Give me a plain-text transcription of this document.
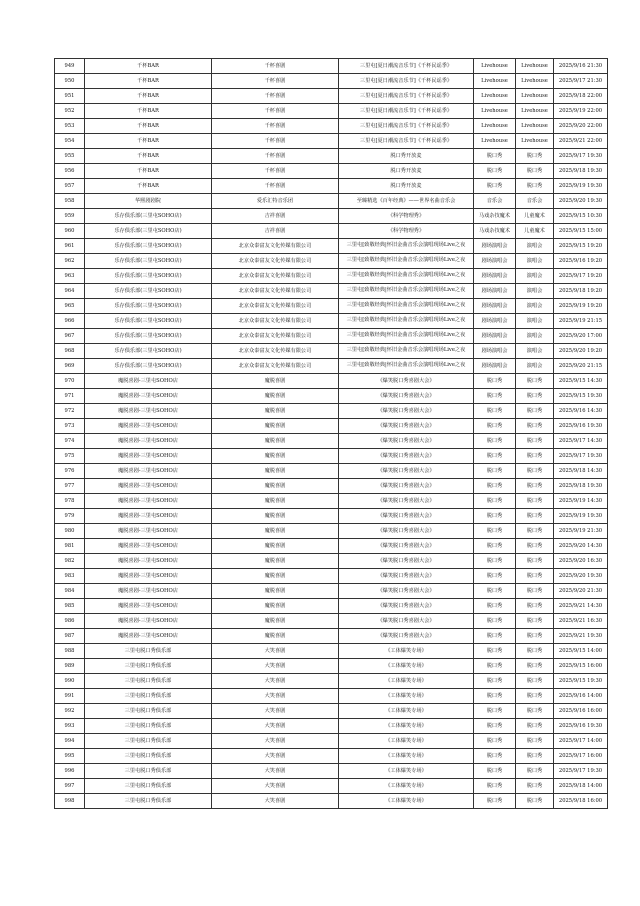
949	千杯BAR	千杯喜剧	三里屯[夏日潮流音乐节]《千杯民谣季》	Livehouse	Livehouse	2025/9/16 21:30
950	千杯BAR	千杯喜剧	三里屯[夏日潮流音乐节]《千杯民谣季》	Livehouse	Livehouse	2025/9/17 21:30
951	千杯BAR	千杯喜剧	三里屯[夏日潮流音乐节]《千杯民谣季》	Livehouse	Livehouse	2025/9/18 22:00
952	千杯BAR	千杯喜剧	三里屯[夏日潮流音乐节]《千杯民谣季》	Livehouse	Livehouse	2025/9/19 22:00
953	千杯BAR	千杯喜剧	三里屯[夏日潮流音乐节]《千杯民谣季》	Livehouse	Livehouse	2025/9/20 22:00
954	千杯BAR	千杯喜剧	三里屯[夏日潮流音乐节]《千杯民谣季》	Livehouse	Livehouse	2025/9/21 22:00
955	千杯BAR	千杯喜剧	脱口秀开放麦	脱口秀	脱口秀	2025/9/17 19:30
956	千杯BAR	千杯喜剧	脱口秀开放麦	脱口秀	脱口秀	2025/9/18 19:30
957	千杯BAR	千杯喜剧	脱口秀开放麦	脱口秀	脱口秀	2025/9/19 19:30
958	华熙剧剧院	爱乐汇特音乐团	至臻精选《百年经典》——世界名曲音乐会	音乐会	音乐会	2025/9/20 19:30
959	乐存俱乐部(三里屯SOHO店)	吉祥喜剧	《科学物理秀》	马戏杂技魔术	儿童魔术	2025/9/15 10:30
960	乐存俱乐部(三里屯SOHO店)	吉祥喜剧	《科学物理秀》	马戏杂技魔术	儿童魔术	2025/9/15 15:00
961	乐存俱乐部(三里屯SOHO店)	北京众泰富友文化传媒有限公司	三里屯[致敬经典|怀旧金曲音乐会演唱现场Live之夜	剧场演唱会	演唱会	2025/9/15 19:20
962	乐存俱乐部(三里屯SOHO店)	北京众泰富友文化传媒有限公司	三里屯[致敬经典|怀旧金曲音乐会演唱现场Live之夜	剧场演唱会	演唱会	2025/9/16 19:20
963	乐存俱乐部(三里屯SOHO店)	北京众泰富友文化传媒有限公司	三里屯[致敬经典|怀旧金曲音乐会演唱现场Live之夜	剧场演唱会	演唱会	2025/9/17 19:20
964	乐存俱乐部(三里屯SOHO店)	北京众泰富友文化传媒有限公司	三里屯[致敬经典|怀旧金曲音乐会演唱现场Live之夜	剧场演唱会	演唱会	2025/9/18 19:20
965	乐存俱乐部(三里屯SOHO店)	北京众泰富友文化传媒有限公司	三里屯[致敬经典|怀旧金曲音乐会演唱现场Live之夜	剧场演唱会	演唱会	2025/9/19 19:20
966	乐存俱乐部(三里屯SOHO店)	北京众泰富友文化传媒有限公司	三里屯[致敬经典|怀旧金曲音乐会演唱现场Live之夜	剧场演唱会	演唱会	2025/9/19 21:15
967	乐存俱乐部(三里屯SOHO店)	北京众泰富友文化传媒有限公司	三里屯[致敬经典|怀旧金曲音乐会演唱现场Live之夜	剧场演唱会	演唱会	2025/9/20 17:00
968	乐存俱乐部(三里屯SOHO店)	北京众泰富友文化传媒有限公司	三里屯[致敬经典|怀旧金曲音乐会演唱现场Live之夜	剧场演唱会	演唱会	2025/9/20 19:20
969	乐存俱乐部(三里屯SOHO店)	北京众泰富友文化传媒有限公司	三里屯[致敬经典|怀旧金曲音乐会演唱现场Live之夜	剧场演唱会	演唱会	2025/9/20 21:15
970	魔脱喜剧-三里屯SOHO店	魔脱喜剧	《爆笑脱口秀喜剧大会》	脱口秀	脱口秀	2025/9/15 14:30
971	魔脱喜剧-三里屯SOHO店	魔脱喜剧	《爆笑脱口秀喜剧大会》	脱口秀	脱口秀	2025/9/15 19:30
972	魔脱喜剧-三里屯SOHO店	魔脱喜剧	《爆笑脱口秀喜剧大会》	脱口秀	脱口秀	2025/9/16 14:30
973	魔脱喜剧-三里屯SOHO店	魔脱喜剧	《爆笑脱口秀喜剧大会》	脱口秀	脱口秀	2025/9/16 19:30
974	魔脱喜剧-三里屯SOHO店	魔脱喜剧	《爆笑脱口秀喜剧大会》	脱口秀	脱口秀	2025/9/17 14:30
975	魔脱喜剧-三里屯SOHO店	魔脱喜剧	《爆笑脱口秀喜剧大会》	脱口秀	脱口秀	2025/9/17 19:30
976	魔脱喜剧-三里屯SOHO店	魔脱喜剧	《爆笑脱口秀喜剧大会》	脱口秀	脱口秀	2025/9/18 14:30
977	魔脱喜剧-三里屯SOHO店	魔脱喜剧	《爆笑脱口秀喜剧大会》	脱口秀	脱口秀	2025/9/18 19:30
978	魔脱喜剧-三里屯SOHO店	魔脱喜剧	《爆笑脱口秀喜剧大会》	脱口秀	脱口秀	2025/9/19 14:30
979	魔脱喜剧-三里屯SOHO店	魔脱喜剧	《爆笑脱口秀喜剧大会》	脱口秀	脱口秀	2025/9/19 19:30
980	魔脱喜剧-三里屯SOHO店	魔脱喜剧	《爆笑脱口秀喜剧大会》	脱口秀	脱口秀	2025/9/19 21:30
981	魔脱喜剧-三里屯SOHO店	魔脱喜剧	《爆笑脱口秀喜剧大会》	脱口秀	脱口秀	2025/9/20 14:30
982	魔脱喜剧-三里屯SOHO店	魔脱喜剧	《爆笑脱口秀喜剧大会》	脱口秀	脱口秀	2025/9/20 16:30
983	魔脱喜剧-三里屯SOHO店	魔脱喜剧	《爆笑脱口秀喜剧大会》	脱口秀	脱口秀	2025/9/20 19:30
984	魔脱喜剧-三里屯SOHO店	魔脱喜剧	《爆笑脱口秀喜剧大会》	脱口秀	脱口秀	2025/9/20 21:30
985	魔脱喜剧-三里屯SOHO店	魔脱喜剧	《爆笑脱口秀喜剧大会》	脱口秀	脱口秀	2025/9/21 14:30
986	魔脱喜剧-三里屯SOHO店	魔脱喜剧	《爆笑脱口秀喜剧大会》	脱口秀	脱口秀	2025/9/21 16:30
987	魔脱喜剧-三里屯SOHO店	魔脱喜剧	《爆笑脱口秀喜剧大会》	脱口秀	脱口秀	2025/9/21 19:30
988	三里屯脱口秀俱乐部	大笑喜剧	《工体爆笑专场》	脱口秀	脱口秀	2025/9/15 14:00
989	三里屯脱口秀俱乐部	大笑喜剧	《工体爆笑专场》	脱口秀	脱口秀	2025/9/15 16:00
990	三里屯脱口秀俱乐部	大笑喜剧	《工体爆笑专场》	脱口秀	脱口秀	2025/9/15 19:30
991	三里屯脱口秀俱乐部	大笑喜剧	《工体爆笑专场》	脱口秀	脱口秀	2025/9/16 14:00
992	三里屯脱口秀俱乐部	大笑喜剧	《工体爆笑专场》	脱口秀	脱口秀	2025/9/16 16:00
993	三里屯脱口秀俱乐部	大笑喜剧	《工体爆笑专场》	脱口秀	脱口秀	2025/9/16 19:30
994	三里屯脱口秀俱乐部	大笑喜剧	《工体爆笑专场》	脱口秀	脱口秀	2025/9/17 14:00
995	三里屯脱口秀俱乐部	大笑喜剧	《工体爆笑专场》	脱口秀	脱口秀	2025/9/17 16:00
996	三里屯脱口秀俱乐部	大笑喜剧	《工体爆笑专场》	脱口秀	脱口秀	2025/9/17 19:30
997	三里屯脱口秀俱乐部	大笑喜剧	《工体爆笑专场》	脱口秀	脱口秀	2025/9/18 14:00
998	三里屯脱口秀俱乐部	大笑喜剧	《工体爆笑专场》	脱口秀	脱口秀	2025/9/18 16:00
